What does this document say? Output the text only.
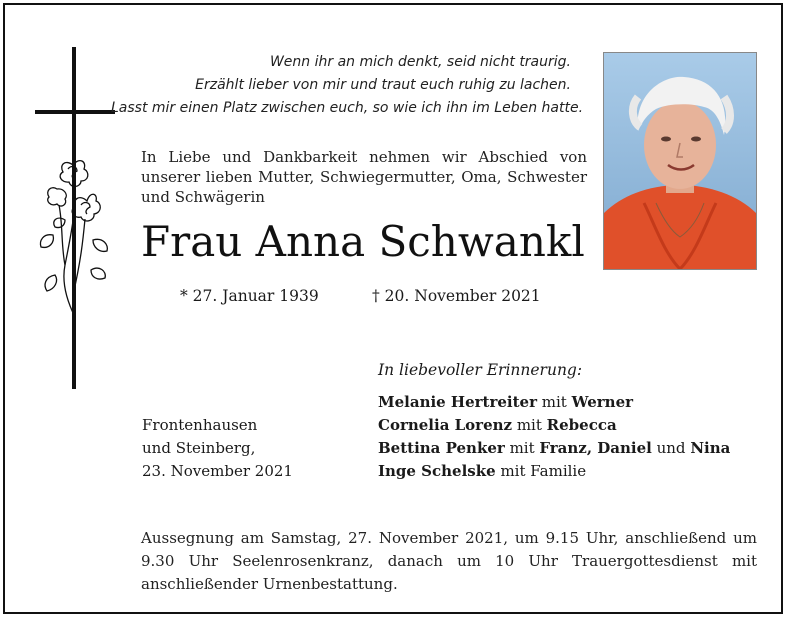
Wenn ihr an mich denkt, seid nicht traurig.
Erzählt lieber von mir und traut euch ruhig zu lachen.
Lasst mir einen Platz zwischen euch, so wie ich ihn im Leben hatte.
In Liebe und Dankbarkeit nehmen wir Abschied von unserer lieben Mutter, Schwiegermutter, Oma, Schwester und Schwägerin
Frau Anna Schwankl
* 27. Januar 1939	† 20. November 2021
In liebevoller Erinnerung:
Melanie Hertreiter mit Werner
Cornelia Lorenz mit Rebecca
Bettina Penker mit Franz, Daniel und Nina
Inge Schelske mit Familie
Frontenhausen
und Steinberg,
23. November 2021
Aussegnung am Samstag, 27. November 2021, um 9.15 Uhr, anschließend um 9.30 Uhr Seelenrosenkranz, danach um 10 Uhr Trauergottesdienst mit anschließender Urnenbestattung.
